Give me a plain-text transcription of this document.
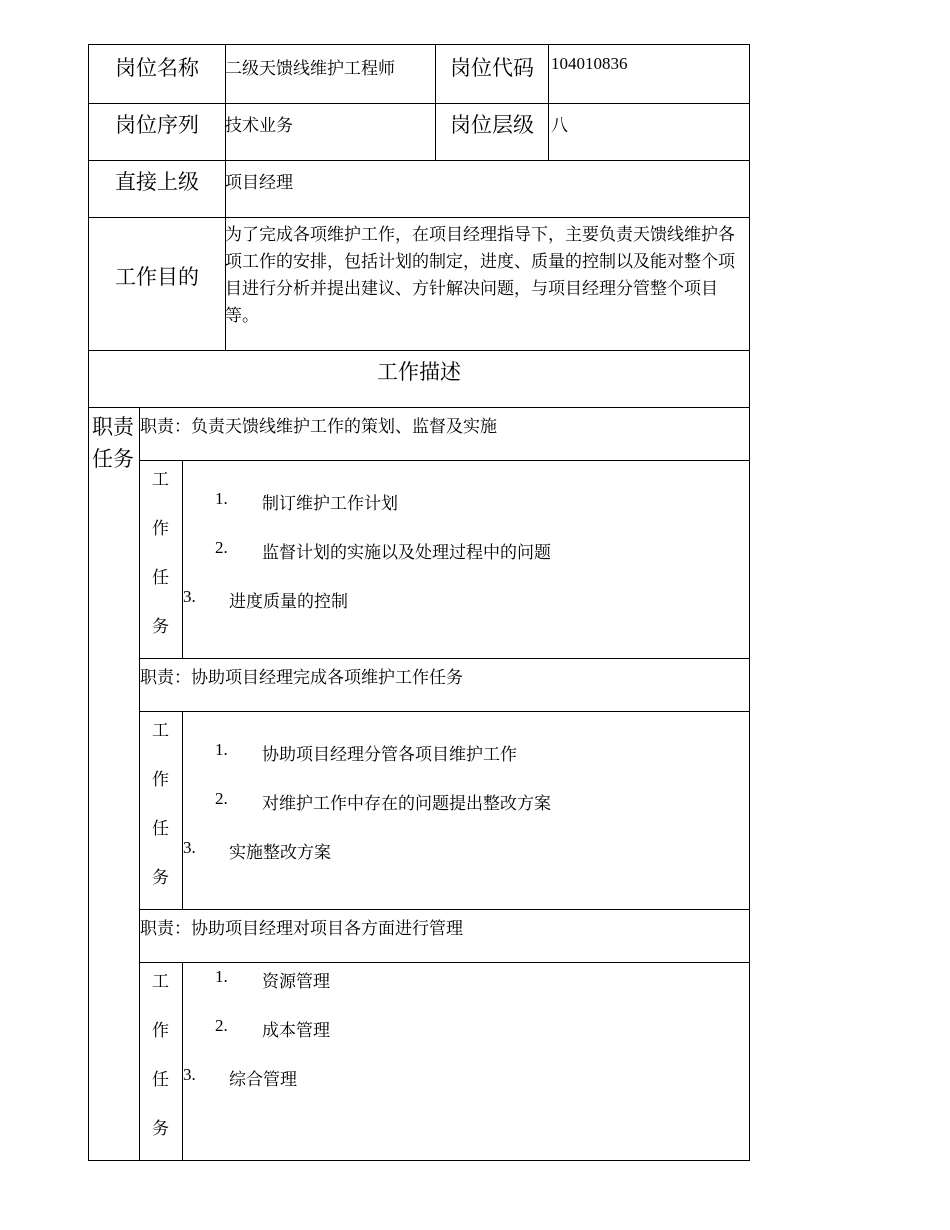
岗位名称 二级天馈线维护工程师	岗位代码 104010836
岗位序列 技术业务	岗位层级 八
直接上级 项目经理
工作目的
为了完成各项维护工作，在项目经理指导下，主要负责天馈线维护各项工作的安排，包括计划的制定，进度、质量的控制以及能对整个项目进行分析并提出建议、方针解决问题，与项目经理分管整个项目等。
工作描述
职责
任务
职责：负责天馈线维护工作的策划、监督及实施
工
作
任
务
1. 制订维护工作计划
2. 监督计划的实施以及处理过程中的问题
3. 进度质量的控制
职责：协助项目经理完成各项维护工作任务
工
作
任
务
1. 协助项目经理分管各项目维护工作
2. 对维护工作中存在的问题提出整改方案
3. 实施整改方案
职责：协助项目经理对项目各方面进行管理
工
作
任
务
1. 资源管理
2. 成本管理
3. 综合管理
